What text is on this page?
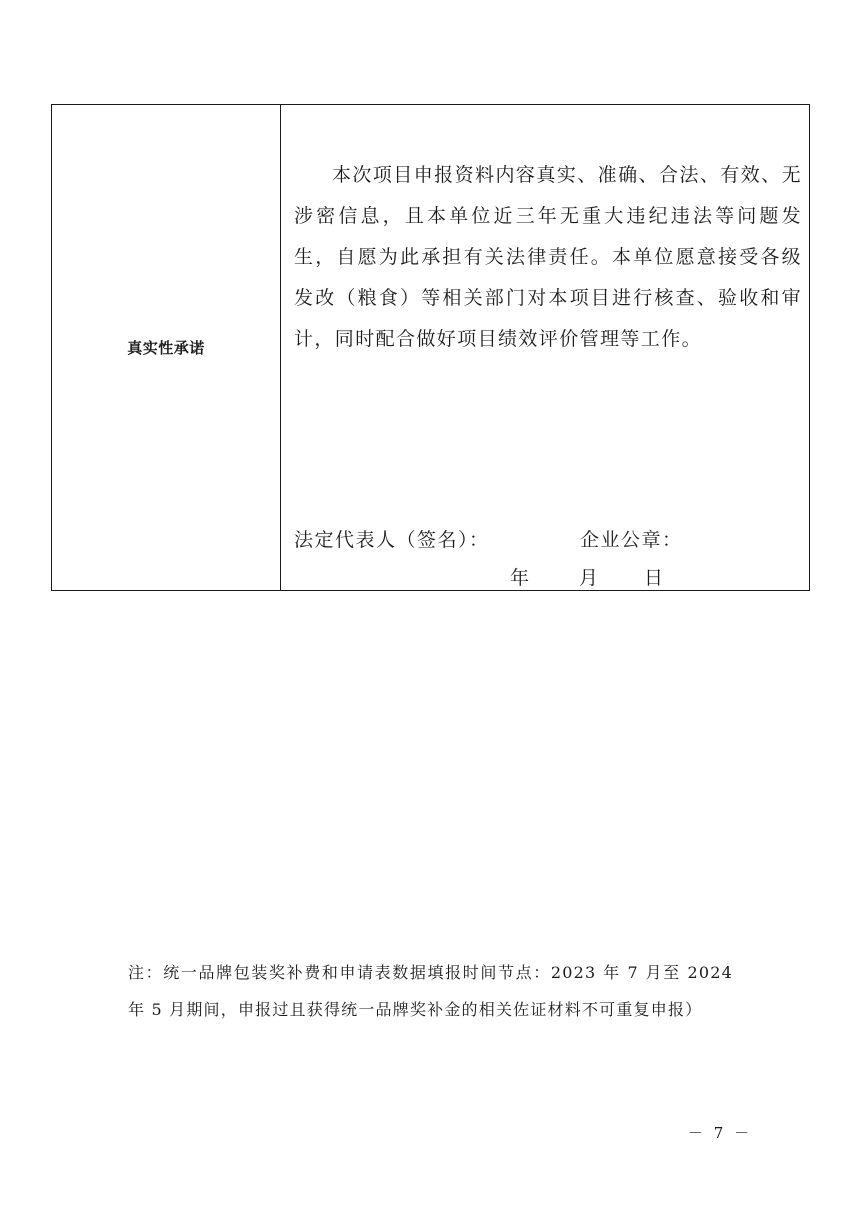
真实性承诺
本次项目申报资料内容真实、准确、合法、有效、无涉密信息，且本单位近三年无重大违纪违法等问题发生，自愿为此承担有关法律责任。本单位愿意接受各级发改（粮食）等相关部门对本项目进行核查、验收和审计，同时配合做好项目绩效评价管理等工作。
法定代表人（签名）：	企业公章：
年	月 日
注：统一品牌包装奖补费和申请表数据填报时间节点：2023 年 7 月至 2024 年 5 月期间，申报过且获得统一品牌奖补金的相关佐证材料不可重复申报）
－ 7 －
